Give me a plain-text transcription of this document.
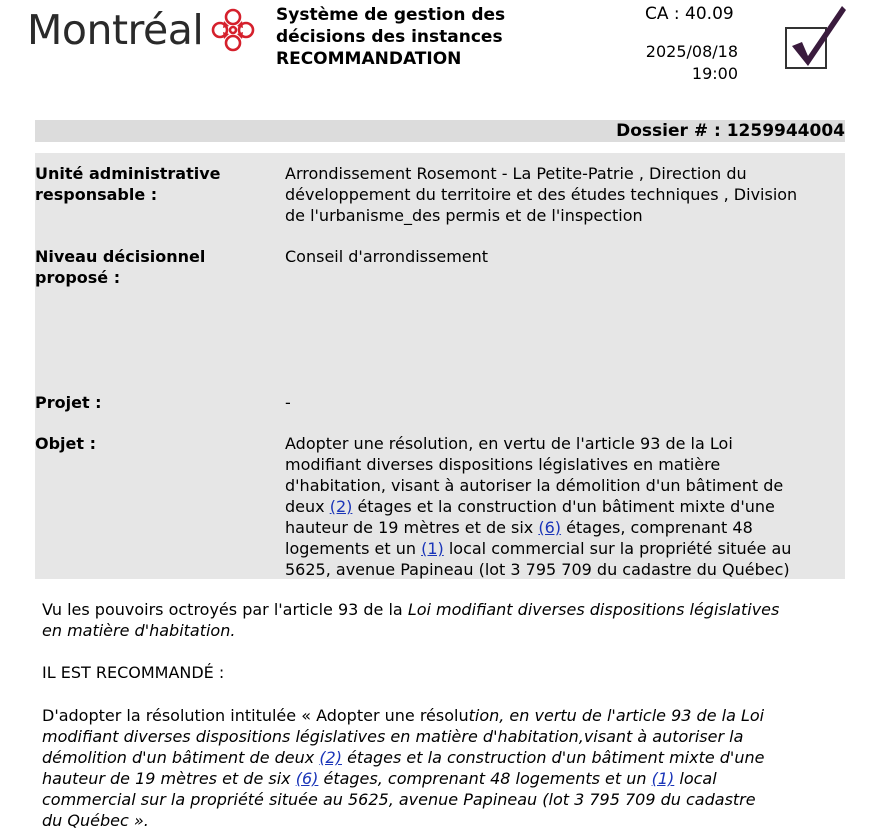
Montréal	Système de gestion des
décisions des instances
RECOMMANDATION
CA : 40.09
2025/08/18
19:00
Dossier # : 1259944004
Unité administrative
responsable :
Arrondissement Rosemont - La Petite-Patrie , Direction du
développement du territoire et des études techniques , Division
de l'urbanisme_des permis et de l'inspection
Niveau décisionnel
proposé :
Conseil d'arrondissement
Projet :	-
Objet :	Adopter une résolution, en vertu de l'article 93 de la Loi
modifiant diverses dispositions législatives en matière
d'habitation, visant à autoriser la démolition d'un bâtiment de
deux (2) étages et la construction d'un bâtiment mixte d'une
hauteur de 19 mètres et de six (6) étages, comprenant 48
logements et un (1) local commercial sur la propriété située au
5625, avenue Papineau (lot 3 795 709 du cadastre du Québec)
Vu les pouvoirs octroyés par l'article 93 de la Loi modifiant diverses dispositions législatives
en matière d'habitation.
IL EST RECOMMANDÉ :
D'adopter la résolution intitulée « Adopter une résolution, en vertu de l'article 93 de la Loi
modifiant diverses dispositions législatives en matière d'habitation,visant à autoriser la
démolition d'un bâtiment de deux (2) étages et la construction d'un bâtiment mixte d'une
hauteur de 19 mètres et de six (6) étages, comprenant 48 logements et un (1) local
commercial sur la propriété située au 5625, avenue Papineau (lot 3 795 709 du cadastre
du Québec ».
